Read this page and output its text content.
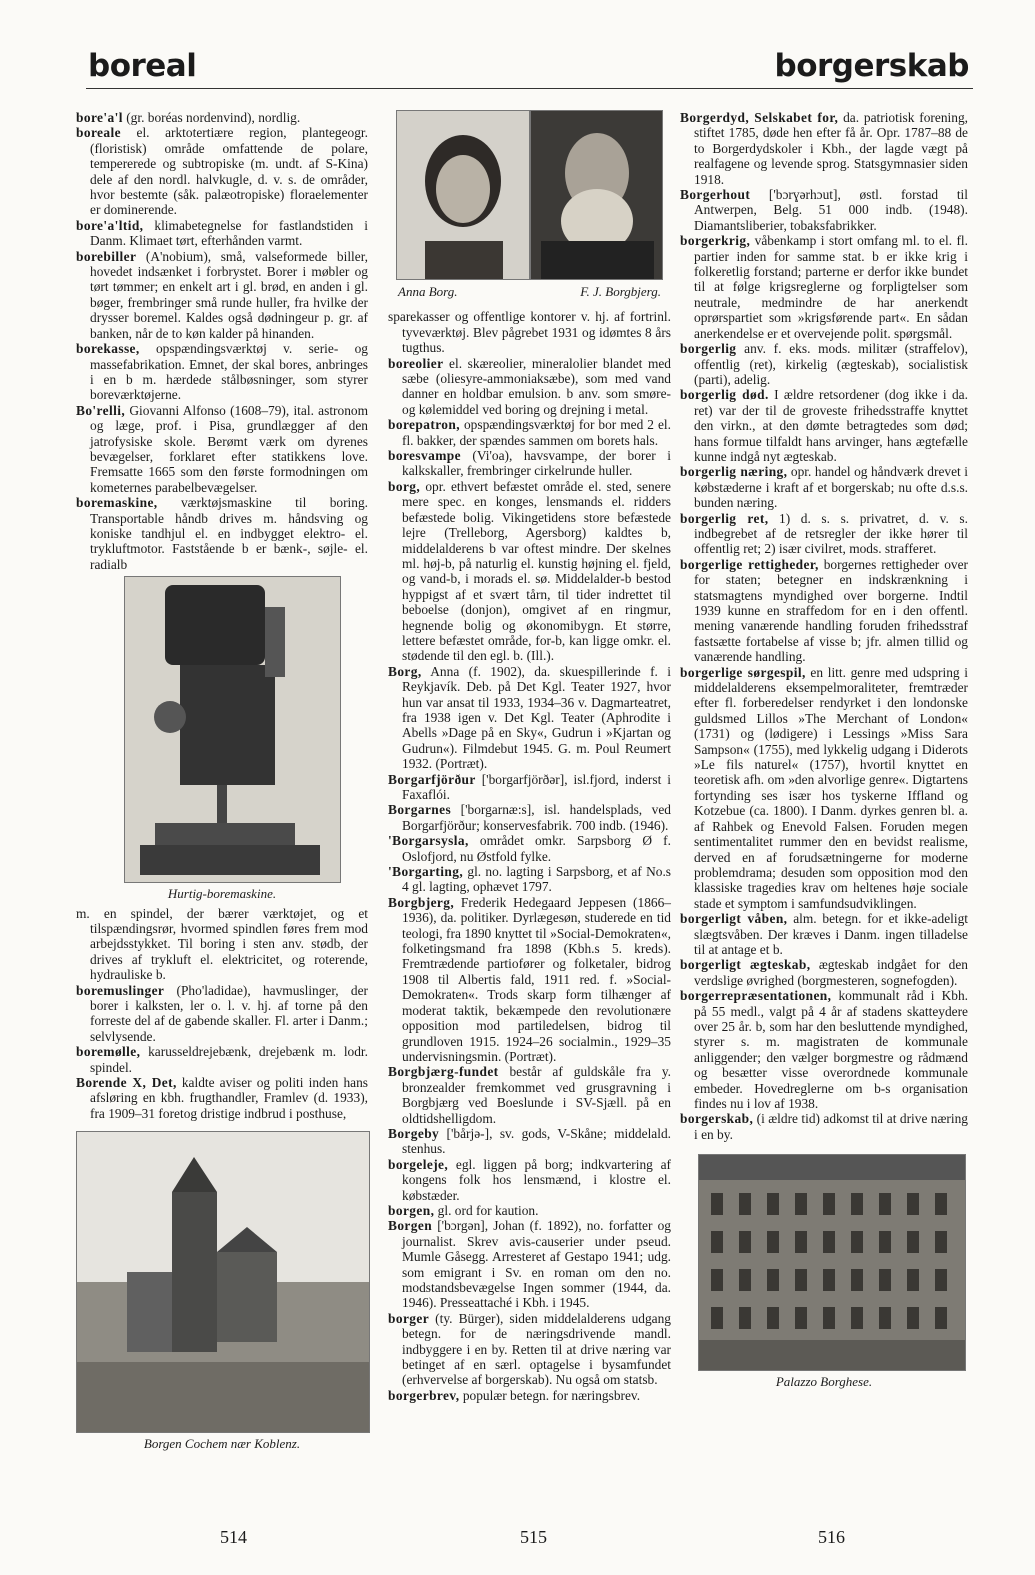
boreal	borgerskab

bore'a'l (gr. boréas nordenvind), nordlig.

boreale el. arktotertiære region, plantegeogr. (floristisk) område omfattende de polare, tempererede og subtropiske (m. undt. af S-Kina) dele af den nordl. halvkugle, d. v. s. de områder, hvor bestemte (såk. palæotropiske) floraelementer er dominerende.

bore'a'ltid, klimabetegnelse for fastlandstiden i Danm. Klimaet tørt, efterhånden varmt.

borebiller (A'nobium), små, valseformede biller, hovedet indsænket i forbrystet. Borer i møbler og tørt tømmer; en enkelt art i gl. brød, en anden i gl. bøger, frembringer små runde huller, fra hvilke der drysser boremel. Kaldes også dødningeur p. gr. af banken, når de to køn kalder på hinanden.

borekasse, opspændingsværktøj v. serie- og massefabrikation. Emnet, der skal bores, anbringes i en b m. hærdede stålbøsninger, som styrer boreværktøjerne.

Bo'relli, Giovanni Alfonso (1608–79), ital. astronom og læge, prof. i Pisa, grundlægger af den jatrofysiske skole. Berømt værk om dyrenes bevægelser, forklaret efter statikkens love. Fremsatte 1665 som den første formodningen om kometernes parabelbevægelser.

boremaskine, værktøjsmaskine til boring. Transportable håndb drives m. håndsving og koniske tandhjul el. en indbygget elektro- el. trykluftmotor. Faststående b er bænk-, søjle- el. radialb

Hurtig-boremaskine.

m. en spindel, der bærer værktøjet, og et tilspændingsrør, hvormed spindlen føres frem mod arbejdsstykket. Til boring i sten anv. stødb, der drives af trykluft el. elektricitet, og roterende, hydrauliske b.

boremuslinger (Pho'ladidae), havmuslinger, der borer i kalksten, ler o. l. v. hj. af torne på den forreste del af de gabende skaller. Fl. arter i Danm.; selvlysende.

boremølle, karusseldrejebænk, drejebænk m. lodr. spindel.

Borende X, Det, kaldte aviser og politi inden hans afsløring en kbh. frugthandler, Framlev (d. 1933), fra 1909–31 foretog dristige indbrud i posthuse,

Borgen Cochem nær Koblenz.
Anna Borg.	F. J. Borgbjerg.

sparekasser og offentlige kontorer v. hj. af fortrinl. tyveværktøj. Blev pågrebet 1931 og idømtes 8 års tugthus.

boreolier el. skæreolier, mineralolier blandet med sæbe (oliesyre-ammoniaksæbe), som med vand danner en holdbar emulsion. b anv. som smøre- og kølemiddel ved boring og drejning i metal.

borepatron, opspændingsværktøj for bor med 2 el. fl. bakker, der spændes sammen om borets hals.

boresvampe (Vi'oa), havsvampe, der borer i kalkskaller, frembringer cirkelrunde huller.

borg, opr. ethvert befæstet område el. sted, senere mere spec. en konges, lensmands el. ridders befæstede bolig. Vikingetidens store befæstede lejre (Trelleborg, Agersborg) kaldtes b, middelalderens b var oftest mindre. Der skelnes ml. høj-b, på naturlig el. kunstig højning el. fjeld, og vand-b, i morads el. sø. Middelalder-b bestod hyppigst af et svært tårn, til tider indrettet til beboelse (donjon), omgivet af en ringmur, hegnende bolig og økonomibygn. Et større, lettere befæstet område, for-b, kan ligge omkr. el. stødende til den egl. b. (Ill.).

Borg, Anna (f. 1902), da. skuespillerinde f. i Reykjavík. Deb. på Det Kgl. Teater 1927, hvor hun var ansat til 1933, 1934–36 v. Dagmarteatret, fra 1938 igen v. Det Kgl. Teater (Aphrodite i Abells »Dage på en Sky«, Gudrun i »Kjartan og Gudrun«). Filmdebut 1945. G. m. Poul Reumert 1932. (Portræt).

Borgarfjörður ['borgarfjörðər], isl.fjord, inderst i Faxaflói.

Borgarnes ['borgarnæ:s], isl. handelsplads, ved Borgarfjörður; konservesfabrik. 700 indb. (1946).

'Borgarsysla, området omkr. Sarpsborg Ø f. Oslofjord, nu Østfold fylke.

'Borgarting, gl. no. lagting i Sarpsborg, et af No.s 4 gl. lagting, ophævet 1797.

Borgbjerg, Frederik Hedegaard Jeppesen (1866–1936), da. politiker. Dyrlægesøn, studerede en tid teologi, fra 1890 knyttet til »Social-Demokraten«, folketingsmand fra 1898 (Kbh.s 5. kreds). Fremtrædende partiofører og folketaler, bidrog 1908 til Albertis fald, 1911 red. f. »Social-Demokraten«. Trods skarp form tilhænger af moderat taktik, bekæmpede den revolutionære opposition mod partiledelsen, bidrog til grundloven 1915. 1924–26 socialmin., 1929–35 undervisningsmin. (Portræt).

Borgbjærg-fundet består af guldskåle fra y. bronzealder fremkommet ved grusgravning i Borgbjærg ved Boeslunde i SV-Sjæll. på en oldtidshelligdom.

Borgeby ['bårjə-], sv. gods, V-Skåne; middelald. stenhus.

borgeleje, egl. liggen på borg; indkvartering af kongens folk hos lensmænd, i klostre el. købstæder.

borgen, gl. ord for kaution.

Borgen ['bɔrgən], Johan (f. 1892), no. forfatter og journalist. Skrev avis-causerier under pseud. Mumle Gåsegg. Arresteret af Gestapo 1941; udg. som emigrant i Sv. en roman om den no. modstandsbevægelse Ingen sommer (1944, da. 1946). Presseattaché i Kbh. i 1945.

borger (ty. Bürger), siden middelalderens udgang betegn. for de næringsdrivende mandl. indbyggere i en by. Retten til at drive næring var betinget af en særl. optagelse i bysamfundet (erhvervelse af borgerskab). Nu også om statsb.

borgerbrev, populær betegn. for næringsbrev.

Borgerdyd, Selskabet for, da. patriotisk forening, stiftet 1785, døde hen efter få år. Opr. 1787–88 de to Borgerdydskoler i Kbh., der lagde vægt på realfagene og levende sprog. Statsgymnasier siden 1918.

Borgerhout ['bɔrɣərhɔut], østl. forstad til Antwerpen, Belg. 51 000 indb. (1948). Diamantsliberier, tobaksfabrikker.

borgerkrig, våbenkamp i stort omfang ml. to el. fl. partier inden for samme stat. b er ikke krig i folkeretlig forstand; parterne er derfor ikke bundet til at følge krigsreglerne og forpligtelser som neutrale, medmindre de har anerkendt oprørspartiet som »krigsførende part«. En sådan anerkendelse er et overvejende polit. spørgsmål.

borgerlig anv. f. eks. mods. militær (straffelov), offentlig (ret), kirkelig (ægteskab), socialistisk (parti), adelig.

borgerlig død. I ældre retsordener (dog ikke i da. ret) var der til de groveste frihedsstraffe knyttet den virkn., at den dømte betragtedes som død; hans formue tilfaldt hans arvinger, hans ægtefælle kunne indgå nyt ægteskab.

borgerlig næring, opr. handel og håndværk drevet i købstæderne i kraft af et borgerskab; nu ofte d.s.s. bunden næring.

borgerlig ret, 1) d. s. s. privatret, d. v. s. indbegrebet af de retsregler der ikke hører til offentlig ret; 2) især civilret, mods. strafferet.

borgerlige rettigheder, borgernes rettigheder over for staten; betegner en indskrænkning i statsmagtens myndighed over borgerne. Indtil 1939 kunne en straffedom for en i den offentl. mening vanærende handling foruden frihedsstraf fastsætte fortabelse af visse b; jfr. almen tillid og vanærende handling.

borgerlige sørgespil, en litt. genre med udspring i middelalderens eksempelmoraliteter, fremtræder efter fl. forberedelser rendyrket i den londonske guldsmed Lillos »The Merchant of London« (1731) og (lødigere) i Lessings »Miss Sara Sampson« (1755), med lykkelig udgang i Diderots »Le fils naturel« (1757), hvortil knyttet en teoretisk afh. om »den alvorlige genre«. Digtartens fortynding ses især hos tyskerne Iffland og Kotzebue (ca. 1800). I Danm. dyrkes genren bl. a. af Rahbek og Enevold Falsen. Foruden megen sentimentalitet rummer den en bevidst realisme, derved en af forudsætningerne for moderne problemdrama; desuden som opposition mod den klassiske tragedies krav om heltenes høje sociale stade et symptom i samfundsudviklingen.

borgerligt våben, alm. betegn. for et ikke-adeligt slægtsvåben. Der kræves i Danm. ingen tilladelse til at antage et b.

borgerligt ægteskab, ægteskab indgået for den verdslige øvrighed (borgmesteren, sognefogden).

borgerrepræsentationen, kommunalt råd i Kbh. på 55 medl., valgt på 4 år af stadens skatteydere over 25 år. b, som har den besluttende myndighed, styrer s. m. magistraten de kommunale anliggender; den vælger borgmestre og rådmænd og besætter visse overordnede kommunale embeder. Hovedreglerne om b-s organisation findes nu i lov af 1938.

borgerskab, (i ældre tid) adkomst til at drive næring i en by.

Palazzo Borghese.
514	515	516
